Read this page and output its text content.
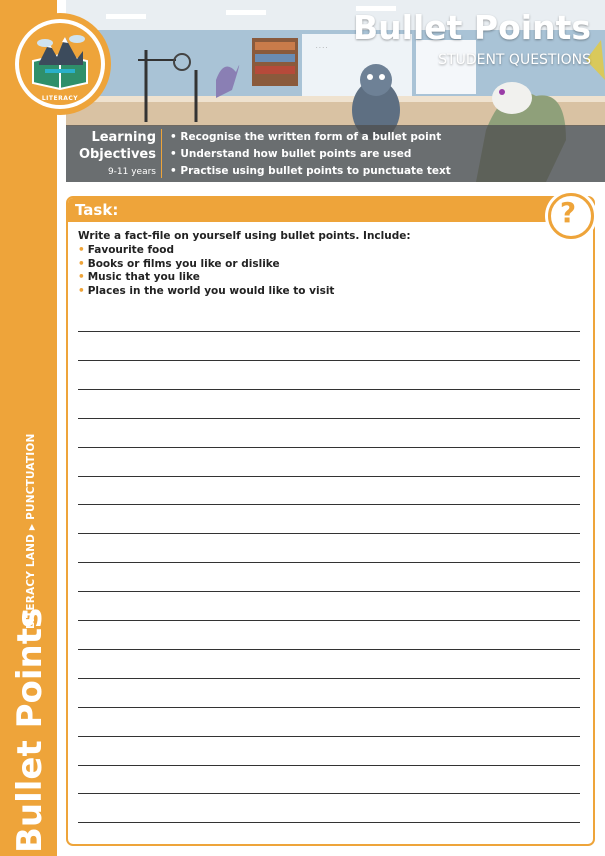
Bullet Points
LITERACY LAND ▶ PUNCTUATION
. . . . Bullet Points
STUDENT QUESTIONS
Learning
Objectives
9-11 years
• Recognise the written form of a bullet point
• Understand how bullet points are used
• Practise using bullet points to punctuate text
LITERACY
Task:	?
Write a fact-file on yourself using bullet points. Include:
• Favourite food
• Books or films you like or dislike
• Music that you like
• Places in the world you would like to visit
